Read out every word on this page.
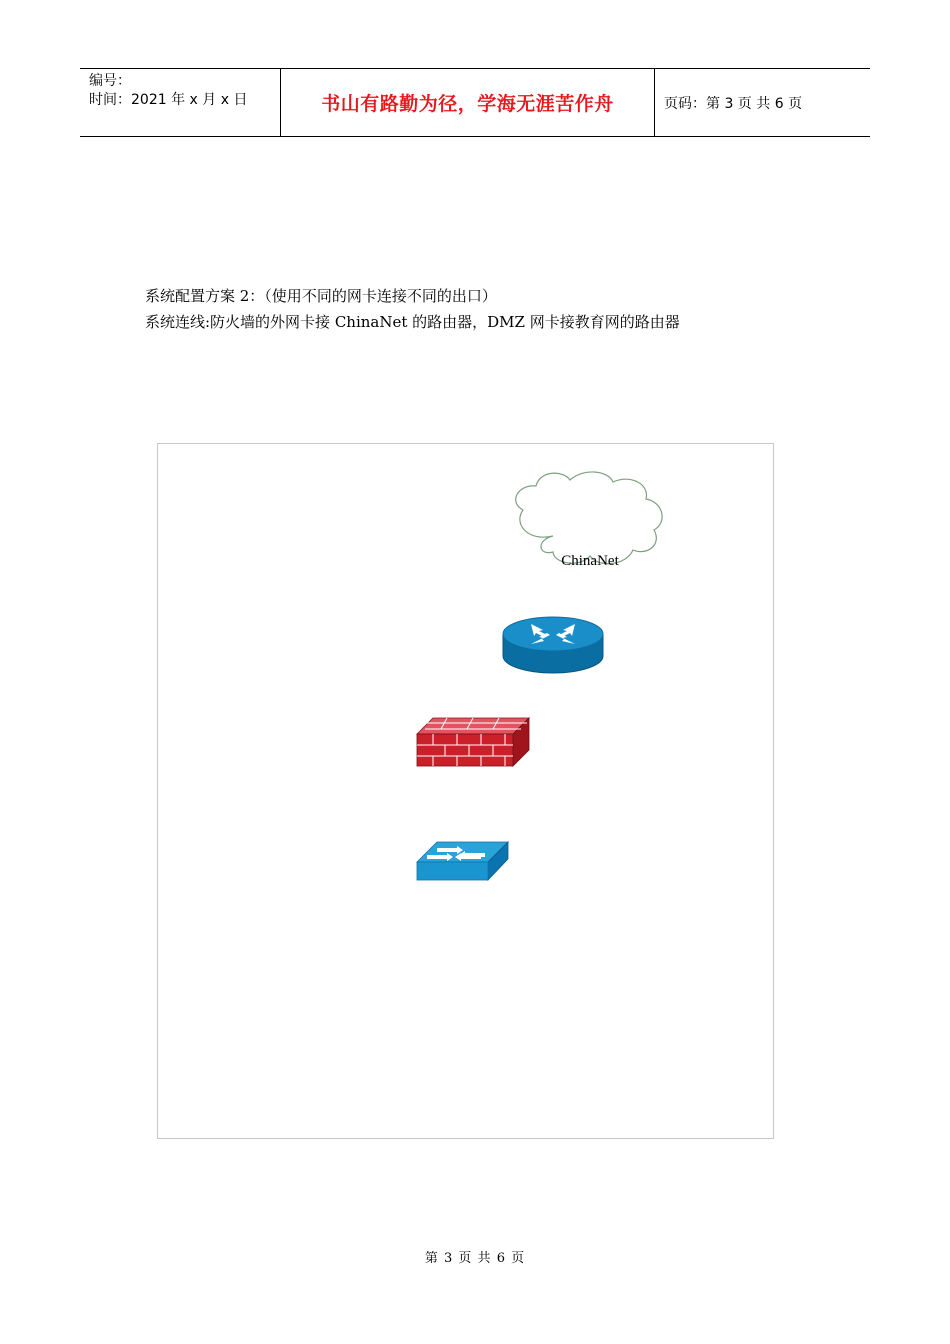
编号：
时间：2021 年 x 月 x 日	书山有路勤为径，学海无涯苦作舟	页码：第 3 页 共 6 页
系统配置方案 2：（使用不同的网卡连接不同的出口）
系统连线:防火墙的外网卡接 ChinaNet 的路由器，DMZ 网卡接教育网的路由器
ChinaNet
第 3 页 共 6 页
